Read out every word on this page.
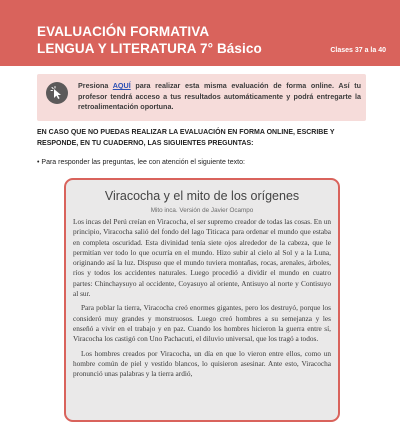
EVALUACIÓN FORMATIVA
LENGUA Y LITERATURA 7° Básico	Clases 37 a la 40
Presiona AQUÍ para realizar esta misma evaluación de forma online. Así tu profesor tendrá acceso a tus resultados automáticamente y podrá entregarte la retroalimentación oportuna.
EN CASO QUE NO PUEDAS REALIZAR LA EVALUACIÓN EN FORMA ONLINE, ESCRIBE Y RESPONDE, EN TU CUADERNO, LAS SIGUIENTES PREGUNTAS:
• Para responder las preguntas, lee con atención el siguiente texto:
Viracocha y el mito de los orígenes
Mito inca. Versión de Javier Ocampo

Los incas del Perú creían en Viracocha, el ser supremo creador de todas las cosas. En un principio, Viracocha salió del fondo del lago Titicaca para ordenar el mundo que estaba en completa oscuridad. Esta divinidad tenía siete ojos alrededor de la cabeza, que le permitían ver todo lo que ocurría en el mundo. Hizo subir al cielo al Sol y a la Luna, originando así la luz. Dispuso que el mundo tuviera montañas, rocas, arenales, árboles, ríos y todos los accidentes naturales. Luego procedió a dividir el mundo en cuatro partes: Chinchaysuyo al occidente, Coyasuyo al oriente, Antisuyo al norte y Contisuyo al sur.

Para poblar la tierra, Viracocha creó enormes gigantes, pero los destruyó, porque los consideró muy grandes y monstruosos. Luego creó hombres a su semejanza y les enseñó a vivir en el trabajo y en paz. Cuando los hombres hicieron la guerra entre sí, Viracocha los castigó con Uno Pachacuti, el diluvio universal, que los tragó a todos.

Los hombres creados por Viracocha, un día en que lo vieron entre ellos, como un hombre común de piel y vestido blancos, lo quisieron asesinar. Ante esto, Viracocha pronunció unas palabras y la tierra ardió,
